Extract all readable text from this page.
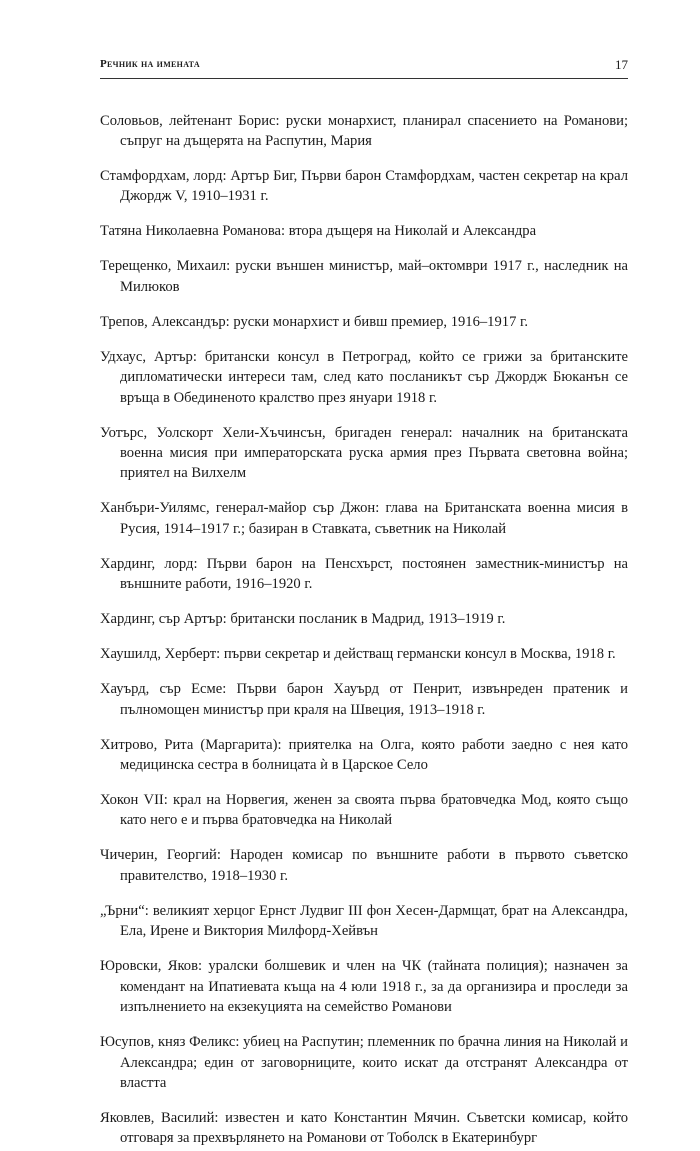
Речник на имената	17

Соловьов, лейтенант Борис: руски монархист, планирал спасението на Романови; съпруг на дъщерята на Распутин, Мария

Стамфордхам, лорд: Артър Биг, Първи барон Стамфордхам, частен секретар на крал Джордж V, 1910–1931 г.

Татяна Николаевна Романова: втора дъщеря на Николай и Александра

Терещенко, Михаил: руски външен министър, май–октомври 1917 г., наследник на Милюков

Трепов, Александър: руски монархист и бивш премиер, 1916–1917 г.

Удхаус, Артър: британски консул в Петроград, който се грижи за британските дипломатически интереси там, след като посланикът сър Джордж Бюканън се връща в Обединеното кралство през януари 1918 г.

Уотърс, Уолскорт Хели-Хъчинсън, бригаден генерал: началник на британската военна мисия при императорската руска армия през Първата световна война; приятел на Вилхелм

Ханбъри-Уилямс, генерал-майор сър Джон: глава на Британската военна мисия в Русия, 1914–1917 г.; базиран в Ставката, съветник на Николай

Хардинг, лорд: Първи барон на Пенсхърст, постоянен заместник-министър на външните работи, 1916–1920 г.

Хардинг, сър Артър: британски посланик в Мадрид, 1913–1919 г.

Хаушилд, Херберт: първи секретар и действащ германски консул в Москва, 1918 г.

Хауърд, сър Есме: Първи барон Хауърд от Пенрит, извънреден пратеник и пълномощен министър при краля на Швеция, 1913–1918 г.

Хитрово, Рита (Маргарита): приятелка на Олга, която работи заедно с нея като медицинска сестра в болницата ѝ в Царское Село

Хокон VII: крал на Норвегия, женен за своята първа братовчедка Мод, която също като него е и първа братовчедка на Николай

Чичерин, Георгий: Народен комисар по външните работи в първото съветско правителство, 1918–1930 г.

„Ърни“: великият херцог Ернст Лудвиг III фон Хесен-Дармщат, брат на Александра, Ела, Ирене и Виктория Милфорд-Хейвън

Юровски, Яков: уралски болшевик и член на ЧК (тайната полиция); назначен за комендант на Ипатиевата къща на 4 юли 1918 г., за да организира и проследи за изпълнението на екзекуцията на семейство Романови

Юсупов, княз Феликс: убиец на Распутин; племенник по брачна линия на Николай и Александра; един от заговорниците, които искат да отстранят Александра от властта

Яковлев, Василий: известен и като Константин Мячин. Съветски комисар, който отговаря за прехвърлянето на Романови от Тоболск в Екатеринбург
